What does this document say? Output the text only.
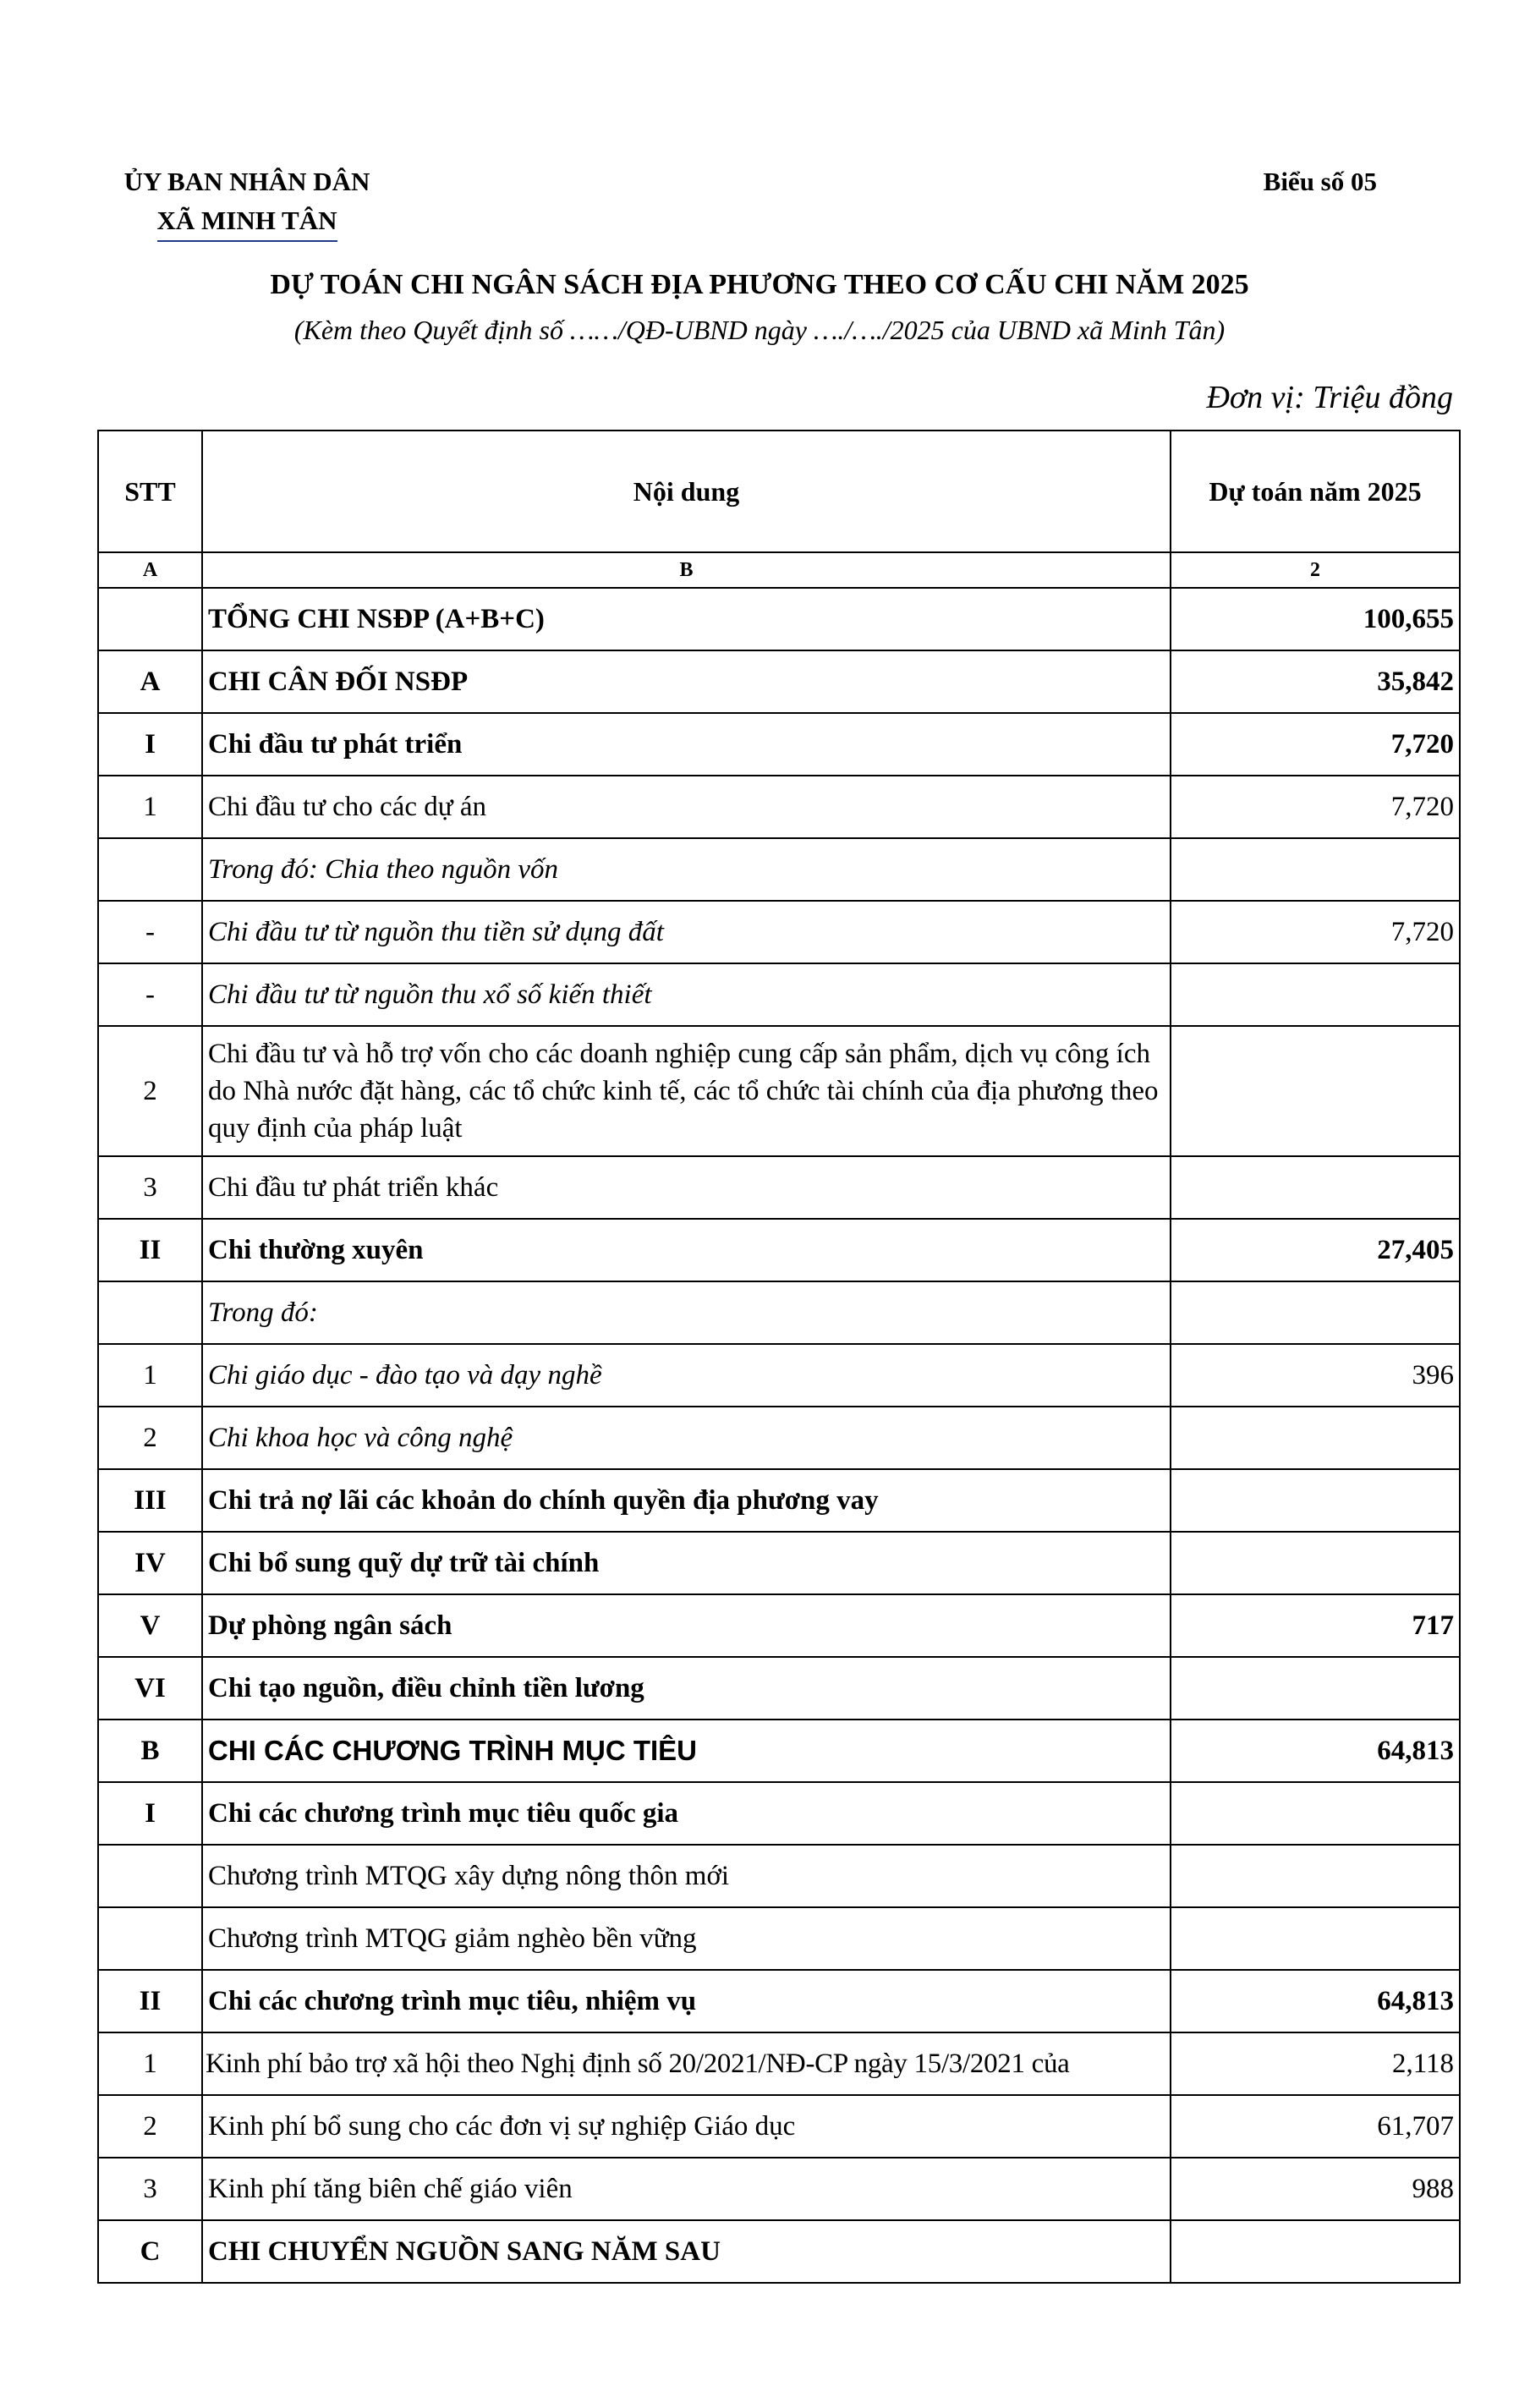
ỦY BAN NHÂN DÂN
XÃ MINH TÂN
Biểu số 05
DỰ TOÁN CHI NGÂN SÁCH ĐỊA PHƯƠNG THEO CƠ CẤU CHI NĂM 2025
(Kèm theo Quyết định số ……/QĐ-UBND ngày …./…./2025 của UBND xã Minh Tân)
Đơn vị: Triệu đồng
STT	Nội dung	Dự toán năm 2025
A	B	2
	TỔNG CHI NSĐP (A+B+C)	100,655
A	CHI CÂN ĐỐI NSĐP	35,842
I	Chi đầu tư phát triển	7,720
1	Chi đầu tư cho các dự án	7,720
	Trong đó: Chia theo nguồn vốn	
-	Chi đầu tư từ nguồn thu tiền sử dụng đất	7,720
-	Chi đầu tư từ nguồn thu xổ số kiến thiết	
2	Chi đầu tư và hỗ trợ vốn cho các doanh nghiệp cung cấp sản phẩm, dịch vụ công ích do Nhà nước đặt hàng, các tổ chức kinh tế, các tổ chức tài chính của địa phương theo quy định của pháp luật	
3	Chi đầu tư phát triển khác	
II	Chi thường xuyên	27,405
	Trong đó:	
1	Chi giáo dục - đào tạo và dạy nghề	396
2	Chi khoa học và công nghệ	
III	Chi trả nợ lãi các khoản do chính quyền địa phương vay	
IV	Chi bổ sung quỹ dự trữ tài chính	
V	Dự phòng ngân sách	717
VI	Chi tạo nguồn, điều chỉnh tiền lương	
B	CHI CÁC CHƯƠNG TRÌNH MỤC TIÊU	64,813
I	Chi các chương trình mục tiêu quốc gia	
	Chương trình MTQG xây dựng nông thôn mới	
	Chương trình MTQG giảm nghèo bền vững	
II	Chi các chương trình mục tiêu, nhiệm vụ	64,813
1	Kinh phí bảo trợ xã hội theo Nghị định số 20/2021/NĐ-CP ngày 15/3/2021 của	2,118
2	Kinh phí bổ sung cho các đơn vị sự nghiệp Giáo dục	61,707
3	Kinh phí tăng biên chế giáo viên	988
C	CHI CHUYỂN NGUỒN SANG NĂM SAU	
